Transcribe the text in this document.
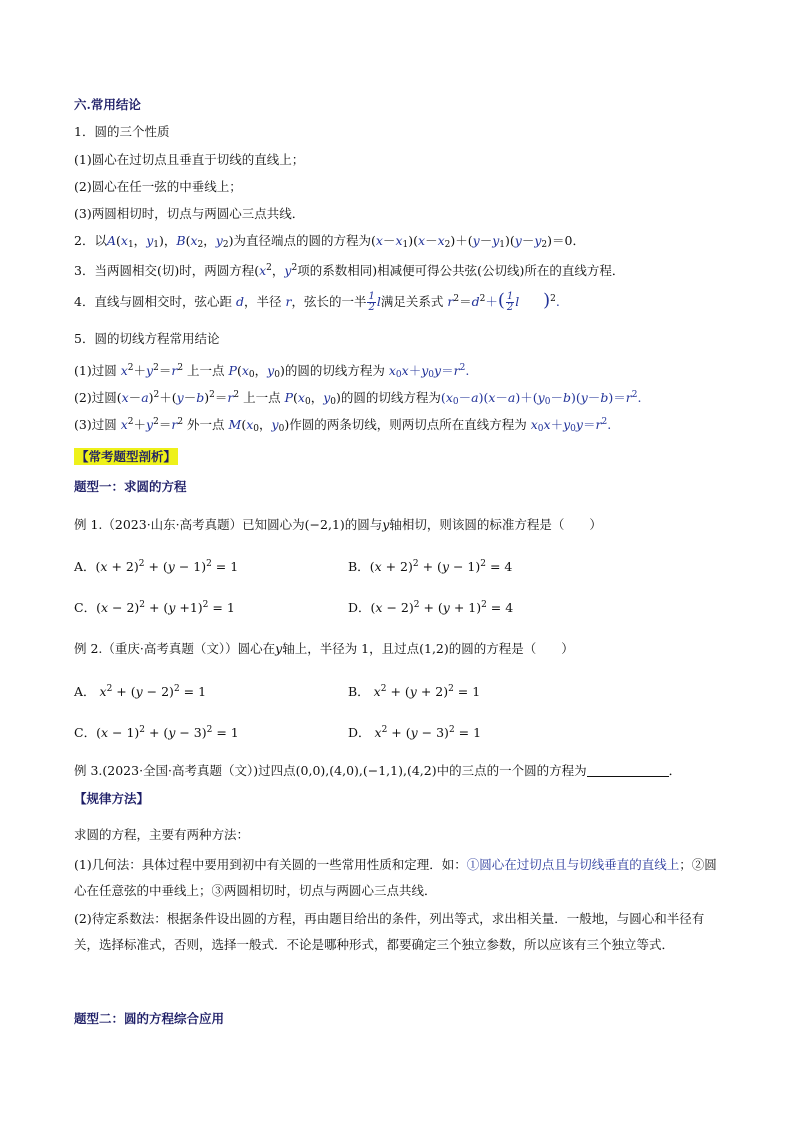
六.常用结论
1．圆的三个性质
(1)圆心在过切点且垂直于切线的直线上；
(2)圆心在任一弦的中垂线上；
(3)两圆相切时，切点与两圆心三点共线．
2．以$A(x_1$，$y_1$)，$B(x_2$，$y_2$)为直径端点的圆的方程为$(x-x_1)(x-x_2)+(y-y_1)(y-y_2)=0$．
3．当两圆相交(切)时，两圆方程($x^2$，$y^2$项的系数相同)相减便可得公共弦(公切线)所在的直线方程．
4．直线与圆相交时，弦心距 d，半径 r，弦长的一半 $\frac{1}{2}$ l满足关系式 $r^2=d^2+( \frac{1}{2}$ l )$^2$.
5．圆的切线方程常用结论
(1)过圆 $x^2+y^2=r^2$ 上一点 $P(x_0$，$y_0$)的圆的切线方程为 $x_0x+y_0y=r^2$.
(2)过圆$(x-a)^2+(y-b)^2=r^2$ 上一点 $P(x_0$，$y_0$)的圆的切线方程为$(x_0-a)(x-a)+(y_0-b)(y-b)=r^2$.
(3)过圆 $x^2+y^2=r^2$ 外一点 $M(x_0$，$y_0$)作圆的两条切线，则两切点所在直线方程为 $x_0x+y_0y=r^2$.
【常考题型剖析】
题型一：求圆的方程
例 1.（2023·山东·高考真题）已知圆心为(−2,1)的圆与y轴相切，则该圆的标准方程是（　　）
A．$(x + 2)^2 + (y - 1)^2 = 1$	B．$(x + 2)^2 + (y - 1)^2 = 4$
C．$(x - 2)^2 + (y +1)^2 = 1$	D．$(x - 2)^2 + (y + 1)^2 = 4$
例 2.（重庆·高考真题（文））圆心在y轴上，半径为 1，且过点(1,2)的圆的方程是（　　）
A． $x^2 + (y - 2)^2 = 1$	B． $x^2 + (y + 2)^2 = 1$
C．$(x - 1)^2 + (y - 3)^2 = 1$	D． $x^2 + (y - 3)^2 = 1$
例 3.(2023·全国·高考真题（文）)过四点(0,0),(4,0),(−1,1),(4,2)中的三点的一个圆的方程为	．
【规律方法】
求圆的方程，主要有两种方法：
(1)几何法：具体过程中要用到初中有关圆的一些常用性质和定理．如：①圆心在过切点且与切线垂直的直线上；②圆心在任意弦的中垂线上；③两圆相切时，切点与两圆心三点共线．
(2)待定系数法：根据条件设出圆的方程，再由题目给出的条件，列出等式，求出相关量．一般地，与圆心和半径有关，选择标准式，否则，选择一般式．不论是哪种形式，都要确定三个独立参数，所以应该有三个独立等式．
题型二：圆的方程综合应用
